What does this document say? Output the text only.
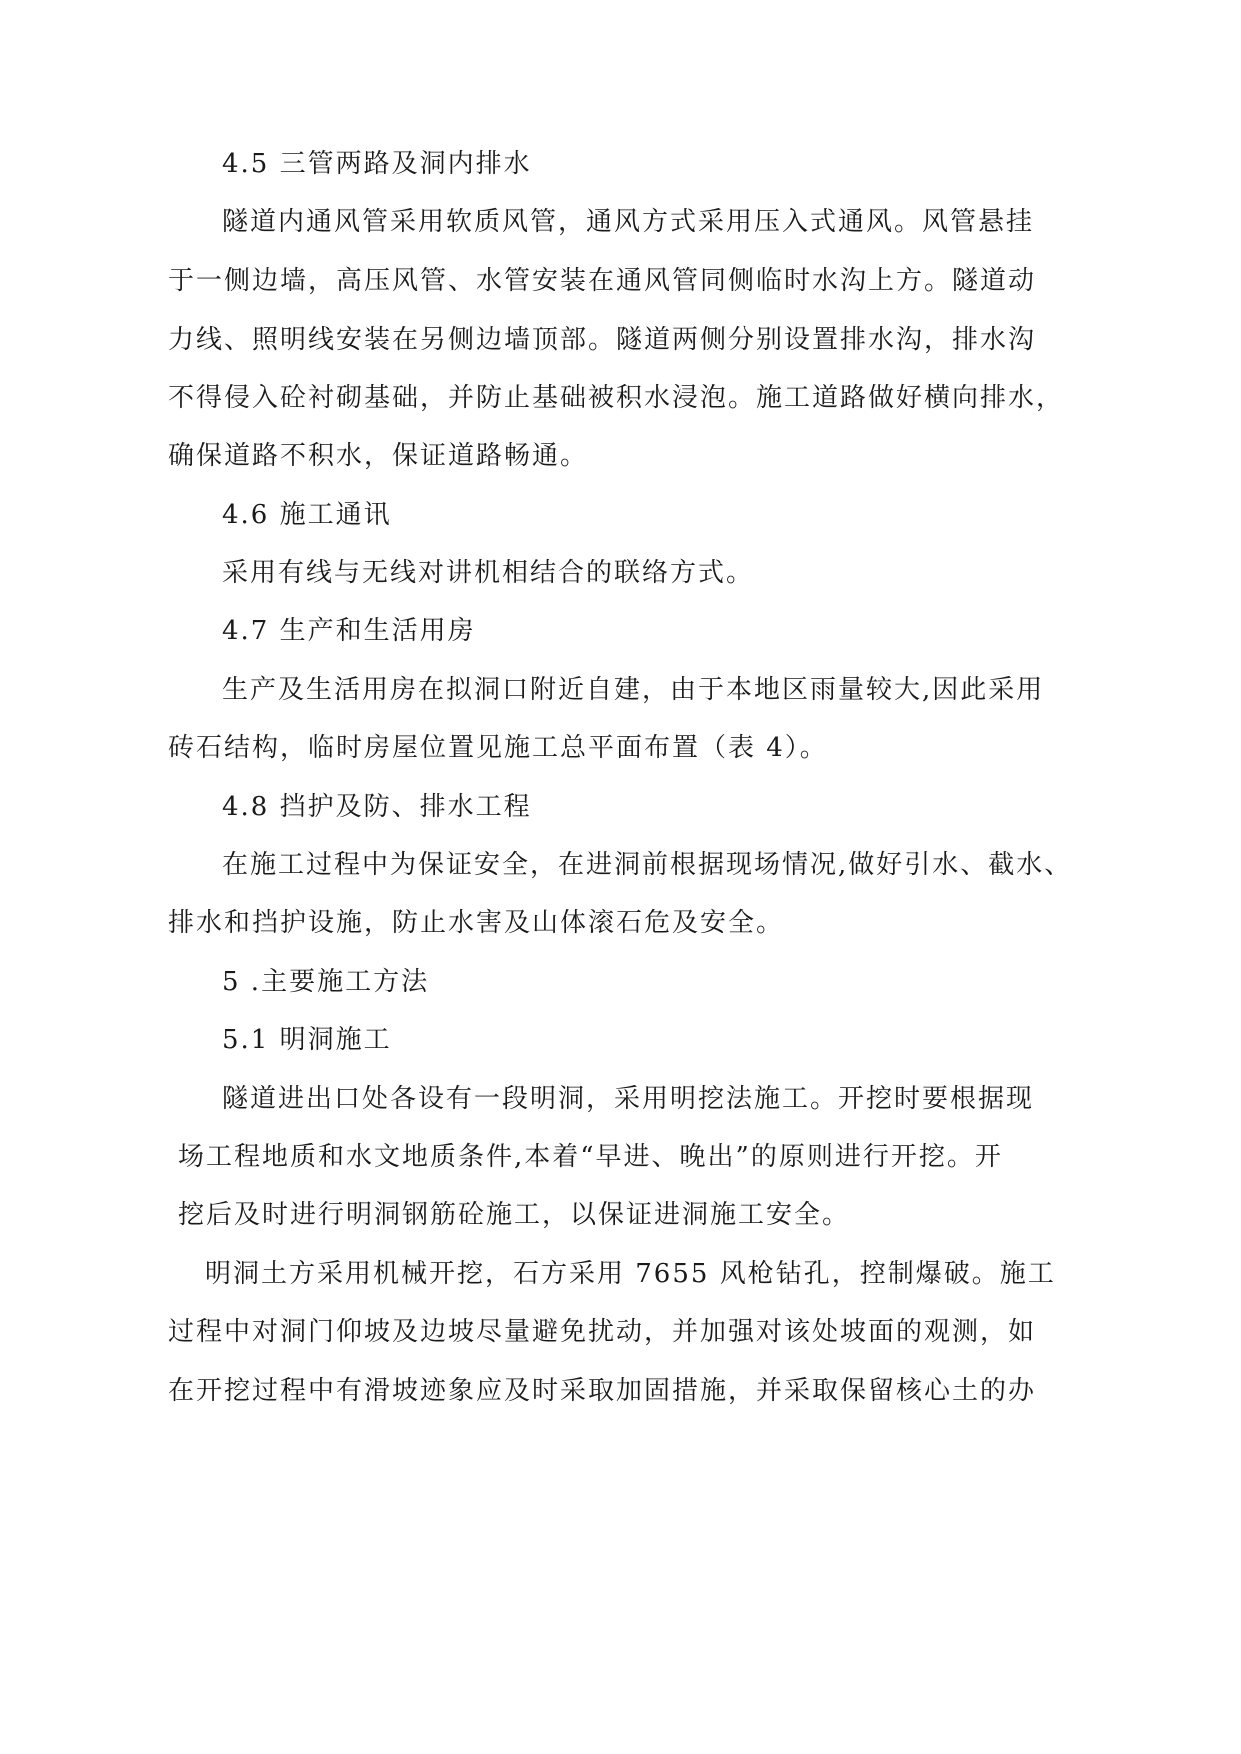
4.5 三管两路及洞内排水
隧道内通风管采用软质风管，通风方式采用压入式通风。风管悬挂
于一侧边墙，高压风管、水管安装在通风管同侧临时水沟上方。隧道动
力线、照明线安装在另侧边墙顶部。隧道两侧分别设置排水沟，排水沟
不得侵入砼衬砌基础，并防止基础被积水浸泡。施工道路做好横向排水，
确保道路不积水，保证道路畅通。
4.6 施工通讯
采用有线与无线对讲机相结合的联络方式。
4.7 生产和生活用房
生产及生活用房在拟洞口附近自建，由于本地区雨量较大,因此采用
砖石结构，临时房屋位置见施工总平面布置（表 4）。
4.8 挡护及防、排水工程
在施工过程中为保证安全，在进洞前根据现场情况,做好引水、截水、
排水和挡护设施，防止水害及山体滚石危及安全。
5 .主要施工方法
5.1 明洞施工
隧道进出口处各设有一段明洞，采用明挖法施工。开挖时要根据现
场工程地质和水文地质条件,本着“早进、晚出”的原则进行开挖。开
挖后及时进行明洞钢筋砼施工，以保证进洞施工安全。
明洞土方采用机械开挖，石方采用 7655 风枪钻孔，控制爆破。施工
过程中对洞门仰坡及边坡尽量避免扰动，并加强对该处坡面的观测，如
在开挖过程中有滑坡迹象应及时采取加固措施，并采取保留核心土的办
